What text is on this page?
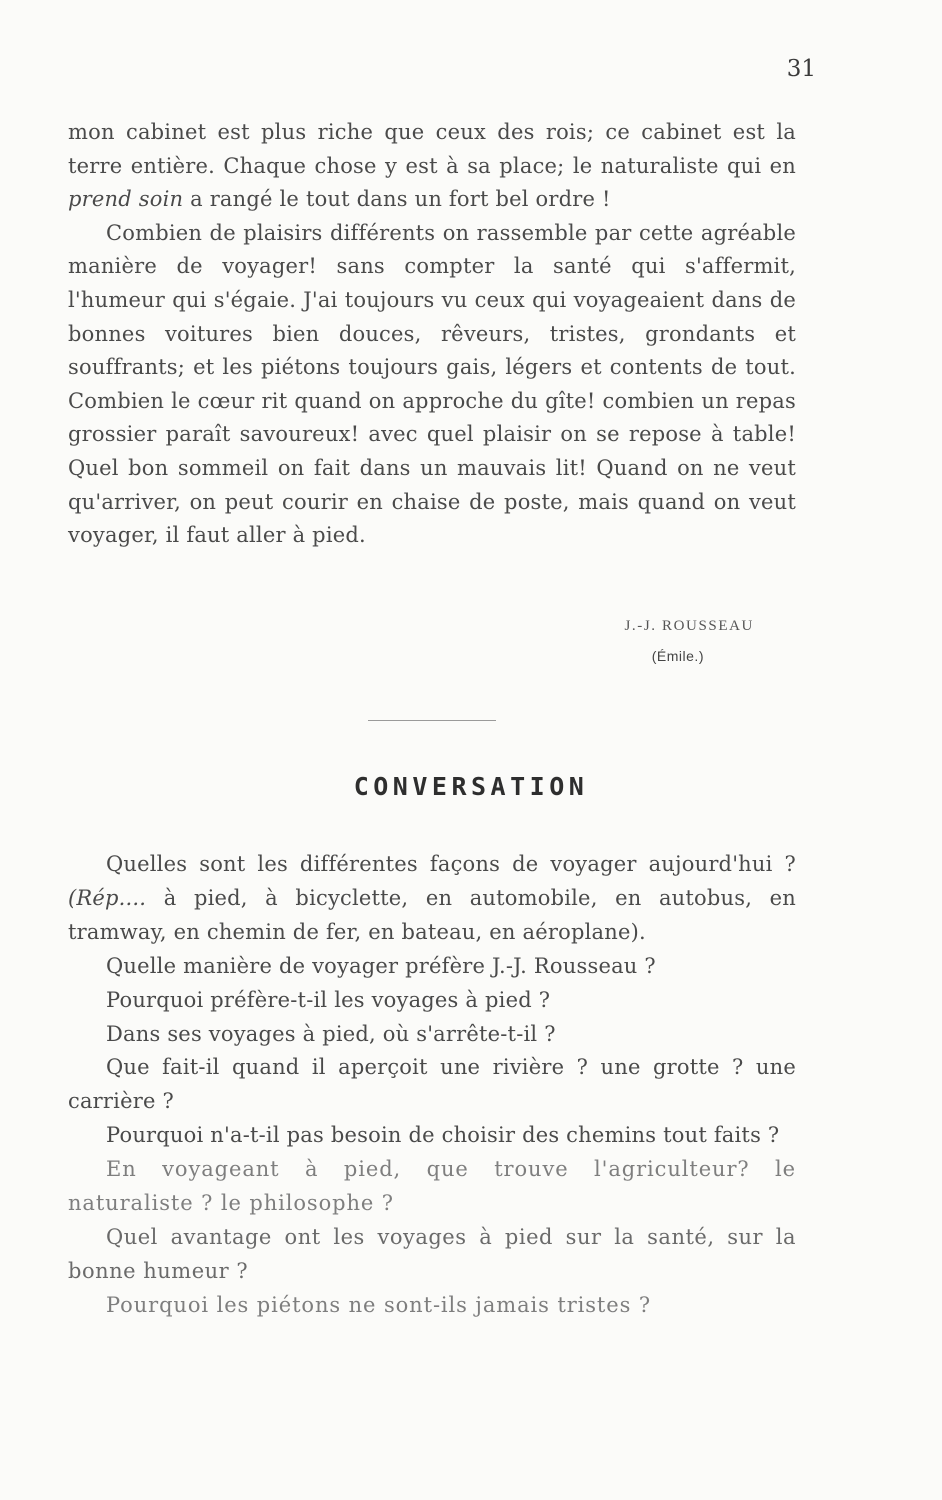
31

mon cabinet est plus riche que ceux des rois; ce cabinet est la terre entière. Chaque chose y est à sa place; le naturaliste qui en prend soin a rangé le tout dans un fort bel ordre !

Combien de plaisirs différents on rassemble par cette agréable manière de voyager! sans compter la santé qui s'affermit, l'humeur qui s'égaie. J'ai toujours vu ceux qui voyageaient dans de bonnes voitures bien douces, rêveurs, tristes, grondants et souffrants; et les piétons toujours gais, légers et contents de tout. Combien le cœur rit quand on approche du gîte! combien un repas grossier paraît savoureux! avec quel plaisir on se repose à table! Quel bon sommeil on fait dans un mauvais lit! Quand on ne veut qu'arriver, on peut courir en chaise de poste, mais quand on veut voyager, il faut aller à pied.

J.-J. ROUSSEAU
(Émile.)
CONVERSATION

Quelles sont les différentes façons de voyager aujourd'hui ? (Rép.... à pied, à bicyclette, en automobile, en autobus, en tramway, en chemin de fer, en bateau, en aéroplane).

Quelle manière de voyager préfère J.-J. Rousseau ?

Pourquoi préfère-t-il les voyages à pied ?

Dans ses voyages à pied, où s'arrête-t-il ?

Que fait-il quand il aperçoit une rivière ? une grotte ? une carrière ?

Pourquoi n'a-t-il pas besoin de choisir des chemins tout faits ?

En voyageant à pied, que trouve l'agriculteur? le naturaliste ? le philosophe ?

Quel avantage ont les voyages à pied sur la santé, sur la bonne humeur ?

Pourquoi les piétons ne sont-ils jamais tristes ?
